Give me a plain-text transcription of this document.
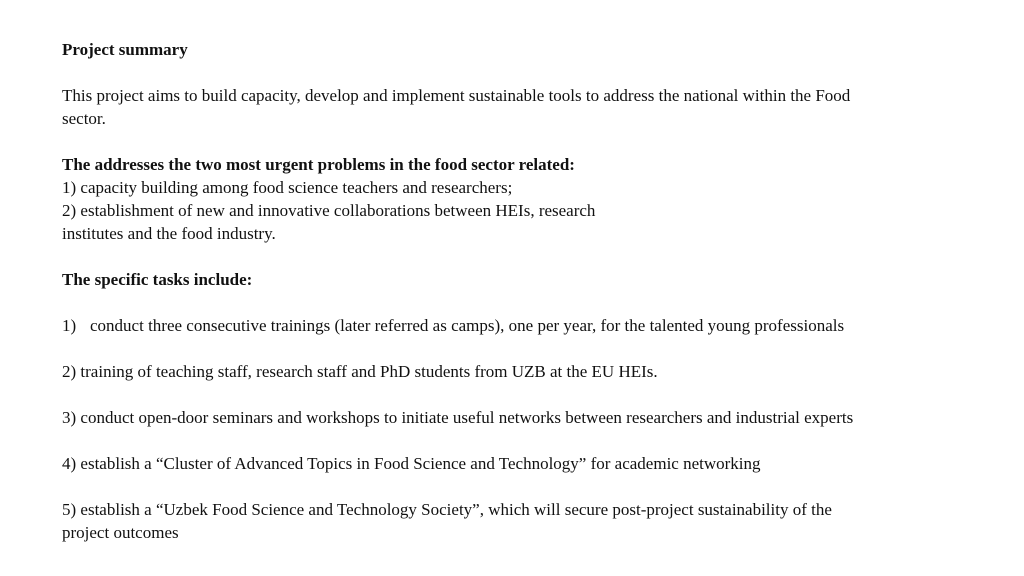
Project summary

This project aims to build capacity, develop and implement sustainable tools to address the national within the Food

sector.

The addresses the two most urgent problems in the food sector related:

1) capacity building among food science teachers and researchers;

2) establishment of new and innovative collaborations between HEIs, research

institutes and the food industry.

The specific tasks include:

1) conduct three consecutive trainings (later referred as camps), one per year, for the talented young professionals

2) training of teaching staff, research staff and PhD students from UZB at the EU HEIs.

3) conduct open-door seminars and workshops to initiate useful networks between researchers and industrial experts

4) establish a “Cluster of Advanced Topics in Food Science and Technology” for academic networking

5) establish a “Uzbek Food Science and Technology Society”, which will secure post-project sustainability of the

project outcomes
